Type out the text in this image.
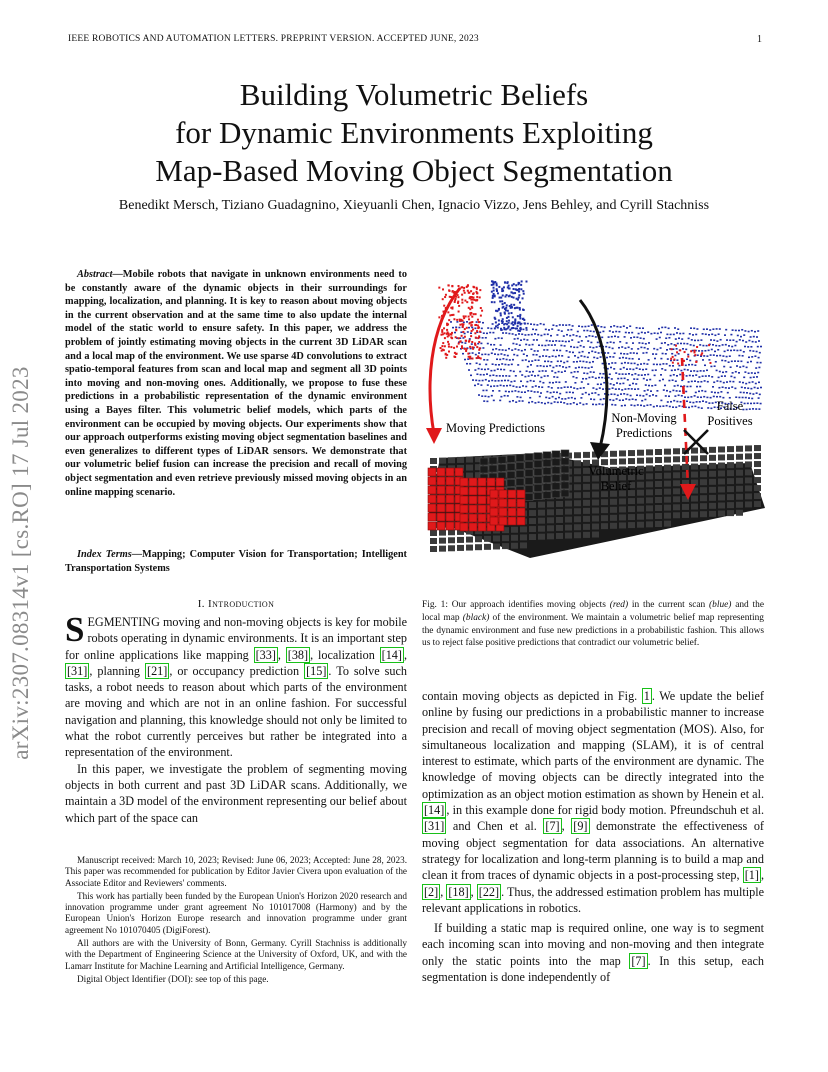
IEEE ROBOTICS AND AUTOMATION LETTERS. PREPRINT VERSION. ACCEPTED JUNE, 2023	1
Building Volumetric Beliefs
for Dynamic Environments Exploiting
Map-Based Moving Object Segmentation
Benedikt Mersch, Tiziano Guadagnino, Xieyuanli Chen, Ignacio Vizzo, Jens Behley, and Cyrill Stachniss
arXiv:2307.08314v1 [cs.RO] 17 Jul 2023
Abstract—Mobile robots that navigate in unknown environments need to be constantly aware of the dynamic objects in their surroundings for mapping, localization, and planning. It is key to reason about moving objects in the current observation and at the same time to also update the internal model of the static world to ensure safety. In this paper, we address the problem of jointly estimating moving objects in the current 3D LiDAR scan and a local map of the environment. We use sparse 4D convolutions to extract spatio-temporal features from scan and local map and segment all 3D points into moving and non-moving ones. Additionally, we propose to fuse these predictions in a probabilistic representation of the dynamic environment using a Bayes filter. This volumetric belief models, which parts of the environment can be occupied by moving objects. Our experiments show that our approach outperforms existing moving object segmentation baselines and even generalizes to different types of LiDAR sensors. We demonstrate that our volumetric belief fusion can increase the precision and recall of moving object segmentation and even retrieve previously missed moving objects in an online mapping scenario.
Index Terms—Mapping; Computer Vision for Transportation; Intelligent Transportation Systems
I. Introduction
SEGMENTING moving and non-moving objects is key for mobile robots operating in dynamic environments. It is an important step for online applications like mapping [33] , [38] , localization [14] , [31] , planning [21] , or occupancy prediction [15] . To solve such tasks, a robot needs to reason about which parts of the environment are moving and which are not in an online fashion. For successful navigation and planning, this knowledge should not only be limited to what the robot currently perceives but rather be integrated into a representation of the environment.
In this paper, we investigate the problem of segmenting moving objects in both current and past 3D LiDAR scans. Additionally, we maintain a 3D model of the environment representing our belief about which part of the space can

Manuscript received: March 10, 2023; Revised: June 06, 2023; Accepted: June 28, 2023. This paper was recommended for publication by Editor Javier Civera upon evaluation of the Associate Editor and Reviewers' comments.

This work has partially been funded by the European Union's Horizon 2020 research and innovation programme under grant agreement No 101017008 (Harmony) and by the European Union's Horizon Europe research and innovation programme under grant agreement No 101070405 (DigiForest).

All authors are with the University of Bonn, Germany. Cyrill Stachniss is additionally with the Department of Engineering Science at the University of Oxford, UK, and with the Lamarr Institute for Machine Learning and Artificial Intelligence, Germany.

Digital Object Identifier (DOI): see top of this page.

Moving Predictions
Non-Moving
Predictions
False
Positives
Volumetric
Belief
Fig. 1: Our approach identifies moving objects (red) in the current scan (blue) and the local map (black) of the environment. We maintain a volumetric belief map representing the dynamic environment and fuse new predictions in a probabilistic fashion. This allows us to reject false positive predictions that contradict our volumetric belief.

contain moving objects as depicted in Fig. 1 . We update the belief online by fusing our predictions in a probabilistic manner to increase precision and recall of moving object segmentation (MOS). Also, for simultaneous localization and mapping (SLAM), it is of central interest to estimate, which parts of the environment are dynamic. The knowledge of moving objects can be directly integrated into the optimization as an object motion estimation as shown by Henein et al. [14] , in this example done for rigid body motion. Pfreundschuh et al. [31] and Chen et al. [7] , [9] demonstrate the effectiveness of moving object segmentation for data associations. An alternative strategy for localization and long-term planning is to build a map and clean it from traces of dynamic objects in a post-processing step, [1] , [2] , [18] , [22] . Thus, the addressed estimation problem has multiple relevant applications in robotics.

If building a static map is required online, one way is to segment each incoming scan into moving and non-moving and then integrate only the static points into the map [7] . In this setup, each segmentation is done independently of
